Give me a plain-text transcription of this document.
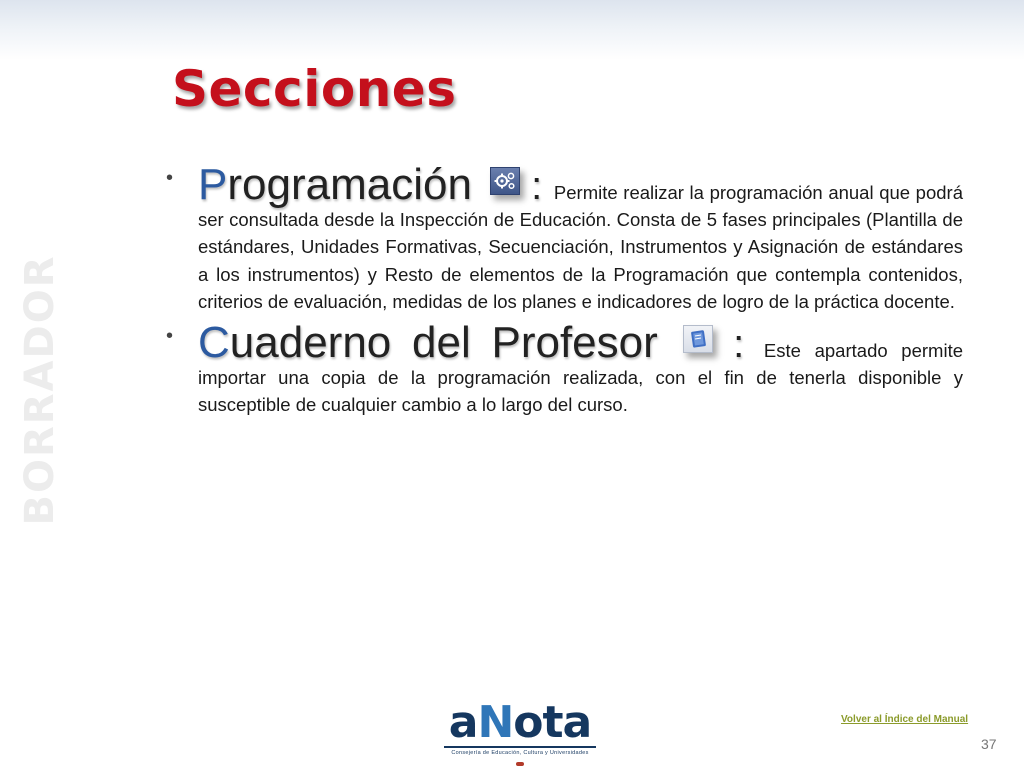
Secciones
BORRADOR
• Programación : Permite realizar la programación anual que podrá ser consultada desde la Inspección de Educación. Consta de 5 fases principales (Plantilla de estándares, Unidades Formativas, Secuenciación, Instrumentos y Asignación de estándares a los instrumentos) y Resto de elementos de la Programación que contempla contenidos, criterios de evaluación, medidas de los planes e indicadores de logro de la práctica docente.
• Cuaderno del Profesor : Este apartado permite importar una copia de la programación realizada, con el fin de tenerla disponible y susceptible de cualquier cambio a lo largo del curso.
aNota
Consejería de Educación, Cultura y Universidades
Volver al Índice del Manual
37
